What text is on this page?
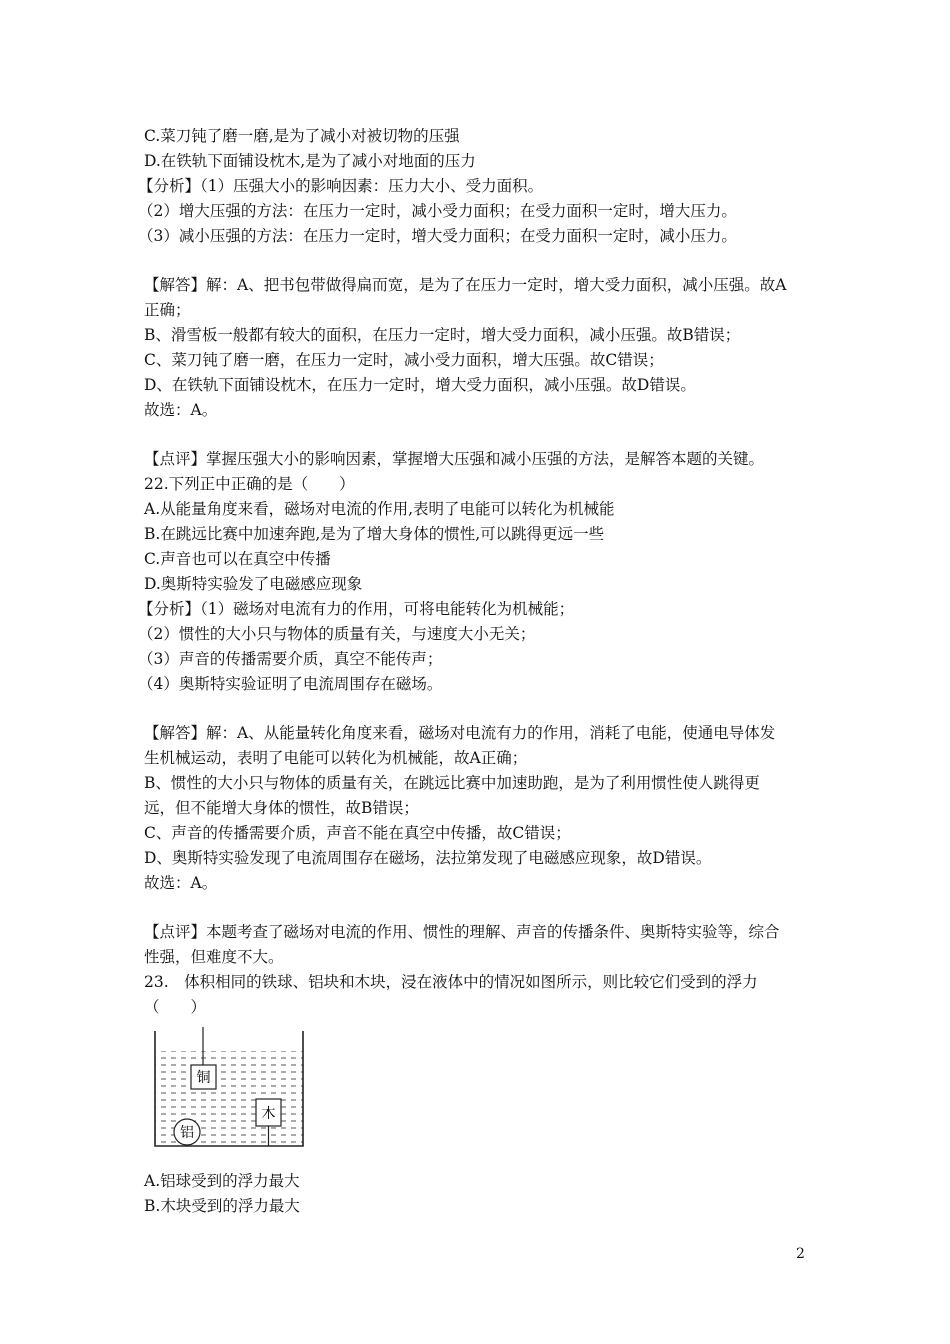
C.菜刀钝了磨一磨,是为了减小对被切物的压强
D.在铁轨下面铺设枕木,是为了减小对地面的压力
【分析】（1）压强大小的影响因素：压力大小、受力面积。
（2）增大压强的方法：在压力一定时，减小受力面积；在受力面积一定时，增大压力。
（3）减小压强的方法：在压力一定时，增大受力面积；在受力面积一定时，减小压力。
【解答】解：A、把书包带做得扁而宽，是为了在压力一定时，增大受力面积，减小压强。故A
正确；
B、滑雪板一般都有较大的面积，在压力一定时，增大受力面积，减小压强。故B错误；
C、菜刀钝了磨一磨，在压力一定时，减小受力面积，增大压强。故C错误；
D、在铁轨下面铺设枕木，在压力一定时，增大受力面积，减小压强。故D错误。
故选：A。
【点评】掌握压强大小的影响因素，掌握增大压强和减小压强的方法，是解答本题的关键。
22.下列正中正确的是（　　）
A.从能量角度来看，磁场对电流的作用,表明了电能可以转化为机械能
B.在跳远比赛中加速奔跑,是为了增大身体的惯性,可以跳得更远一些
C.声音也可以在真空中传播
D.奥斯特实验发了电磁感应现象
【分析】（1）磁场对电流有力的作用，可将电能转化为机械能；
（2）惯性的大小只与物体的质量有关，与速度大小无关；
（3）声音的传播需要介质，真空不能传声；
（4）奥斯特实验证明了电流周围存在磁场。
【解答】解：A、从能量转化角度来看，磁场对电流有力的作用，消耗了电能，使通电导体发
生机械运动，表明了电能可以转化为机械能，故A正确；
B、惯性的大小只与物体的质量有关，在跳远比赛中加速助跑，是为了利用惯性使人跳得更
远，但不能增大身体的惯性，故B错误；
C、声音的传播需要介质，声音不能在真空中传播，故C错误；
D、奥斯特实验发现了电流周围存在磁场，法拉第发现了电磁感应现象，故D错误。
故选：A。
【点评】本题考查了磁场对电流的作用、惯性的理解、声音的传播条件、奥斯特实验等，综合
性强，但难度不大。
23.　体积相同的铁球、铝块和木块，浸在液体中的情况如图所示，则比较它们受到的浮力
（　　）
铜
木
铝
A.铝球受到的浮力最大
B.木块受到的浮力最大
2
